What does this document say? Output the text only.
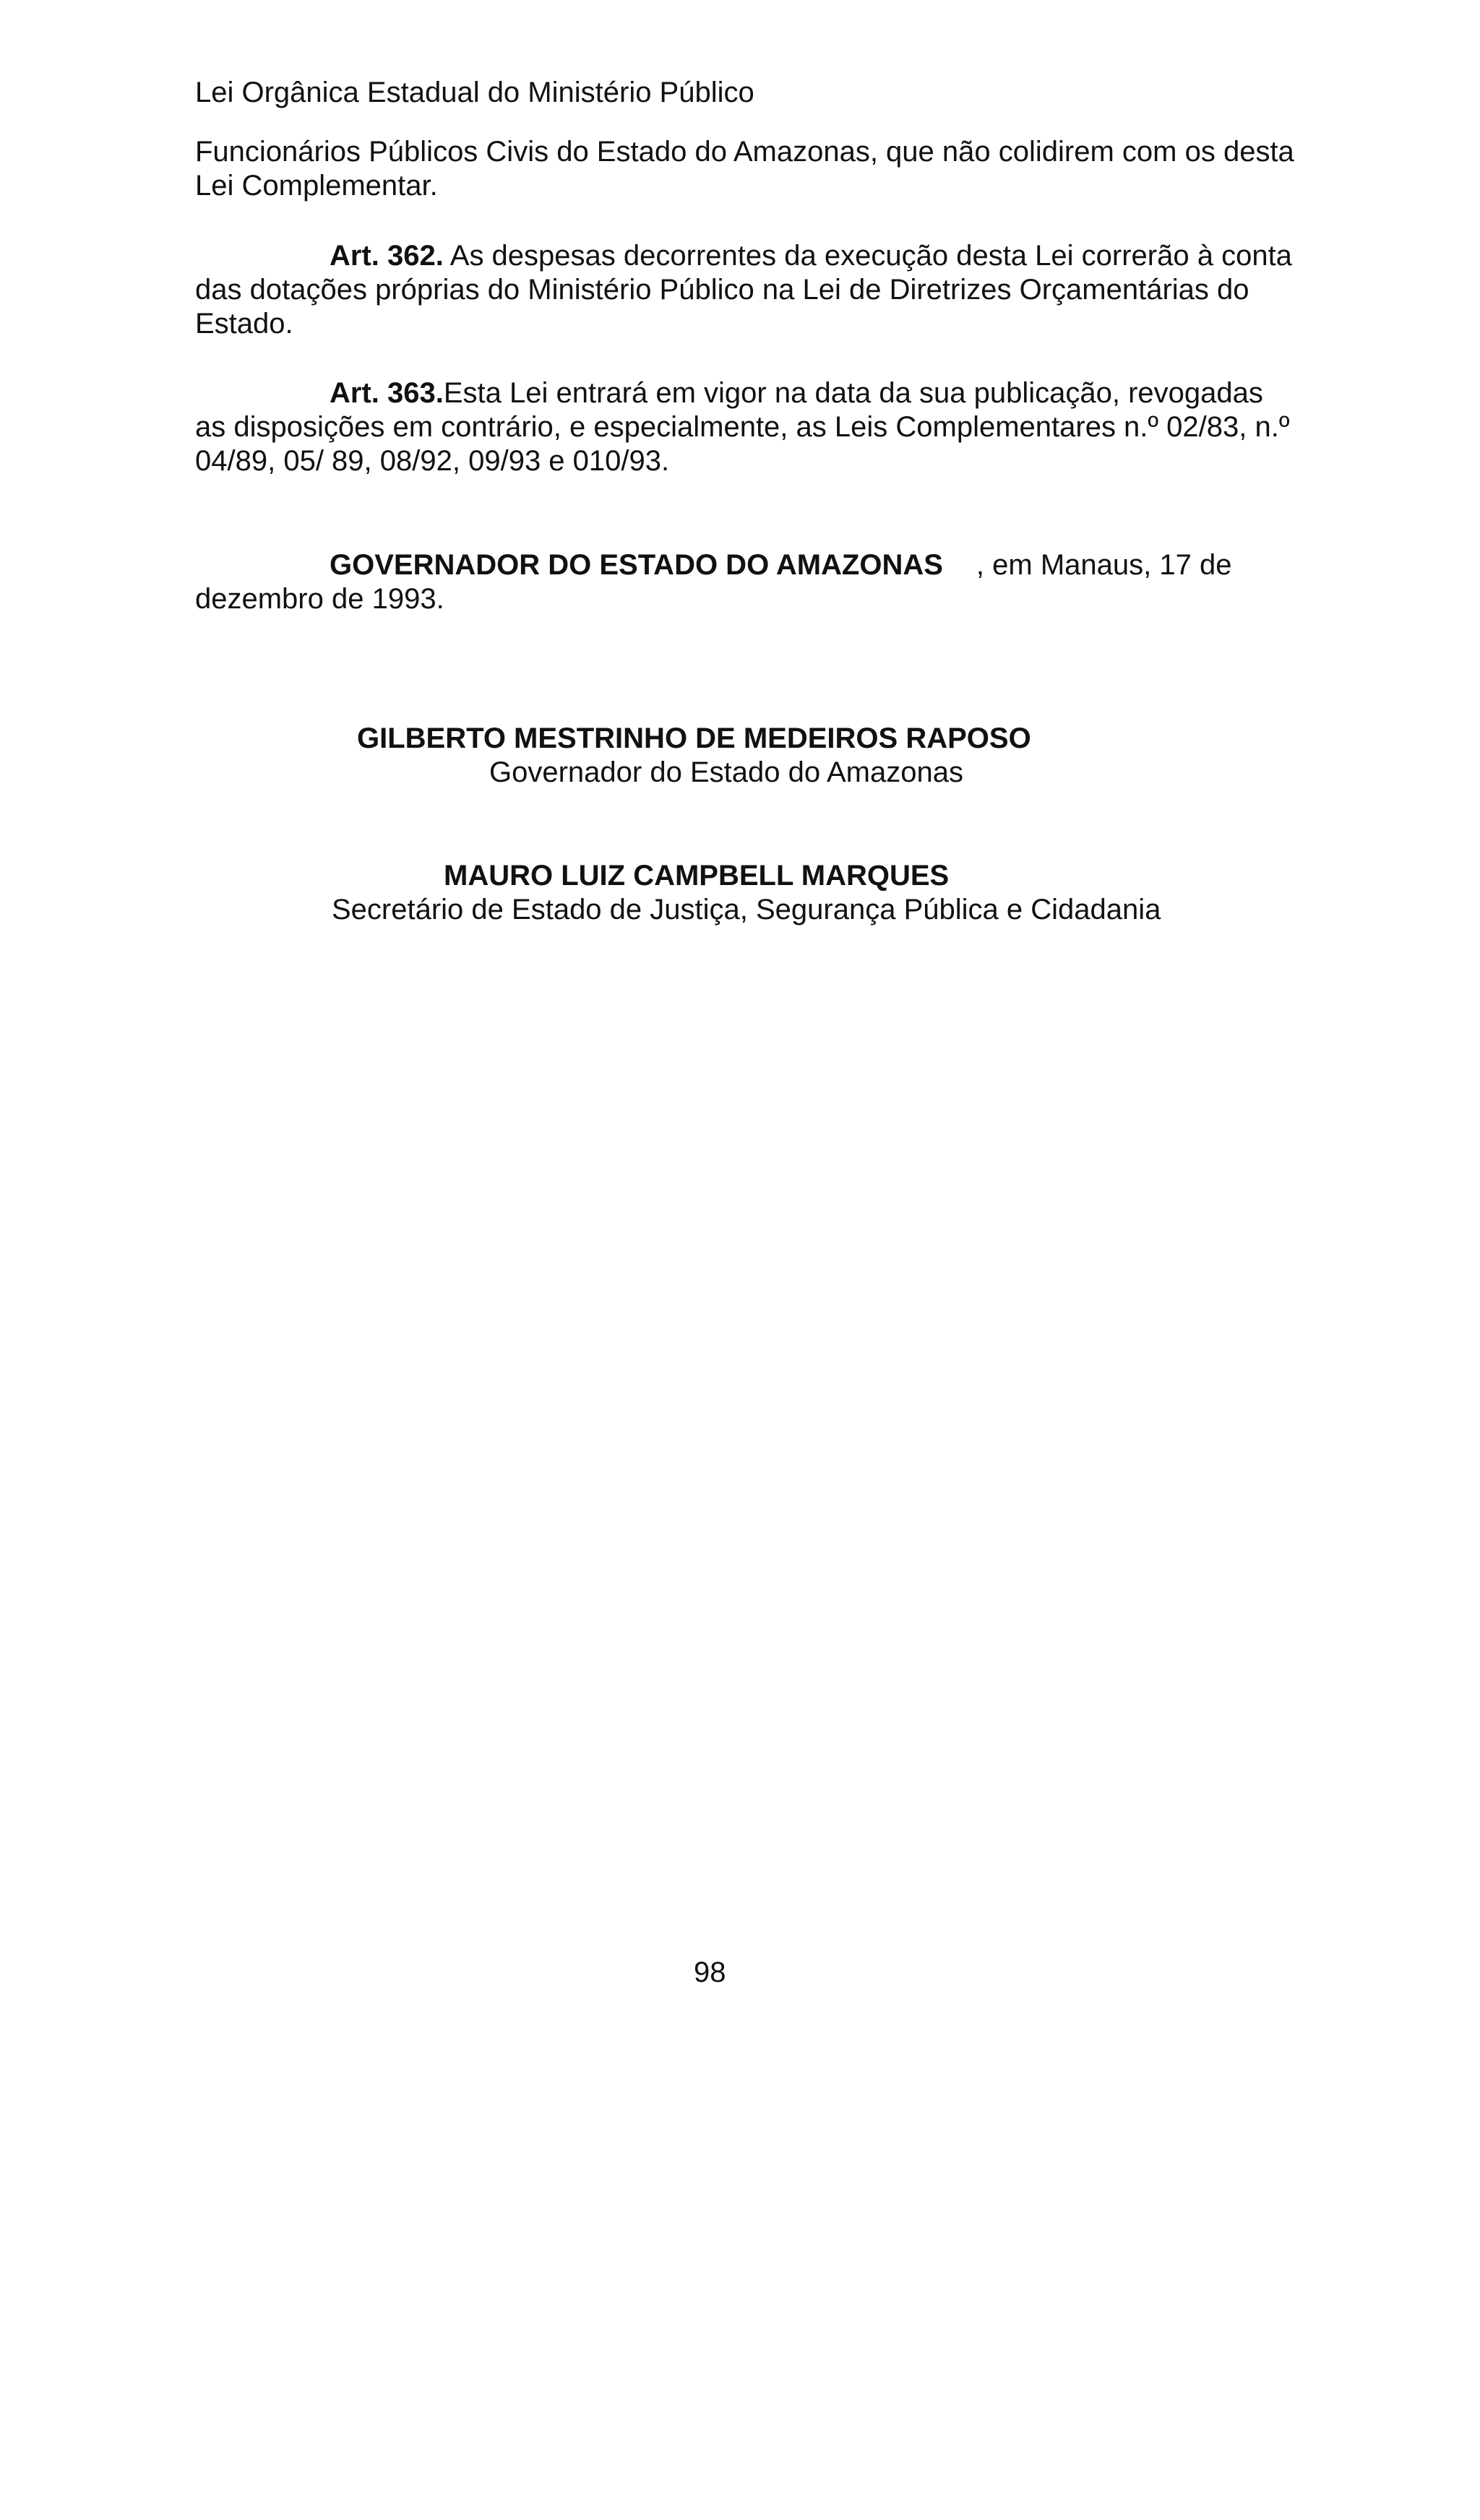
Lei Orgânica Estadual do Ministério Público
Funcionários Públicos Civis do Estado do Amazonas, que não colidirem com os desta
Lei Complementar.
Art. 362. As despesas decorrentes da execução desta Lei correrão à conta
das dotações próprias do Ministério Público na Lei de Diretrizes Orçamentárias do
Estado.
Art. 363.Esta Lei entrará em vigor na data da sua publicação, revogadas
as disposições em contrário, e especialmente, as Leis Complementares n.º 02/83, n.º
04/89, 05/ 89, 08/92, 09/93 e 010/93.
GOVERNADOR DO ESTADO DO AMAZONAS , em Manaus, 17 de
dezembro de 1993.
GILBERTO MESTRINHO DE MEDEIROS RAPOSO
Governador do Estado do Amazonas
MAURO LUIZ CAMPBELL MARQUES
Secretário de Estado de Justiça, Segurança Pública e Cidadania
98
